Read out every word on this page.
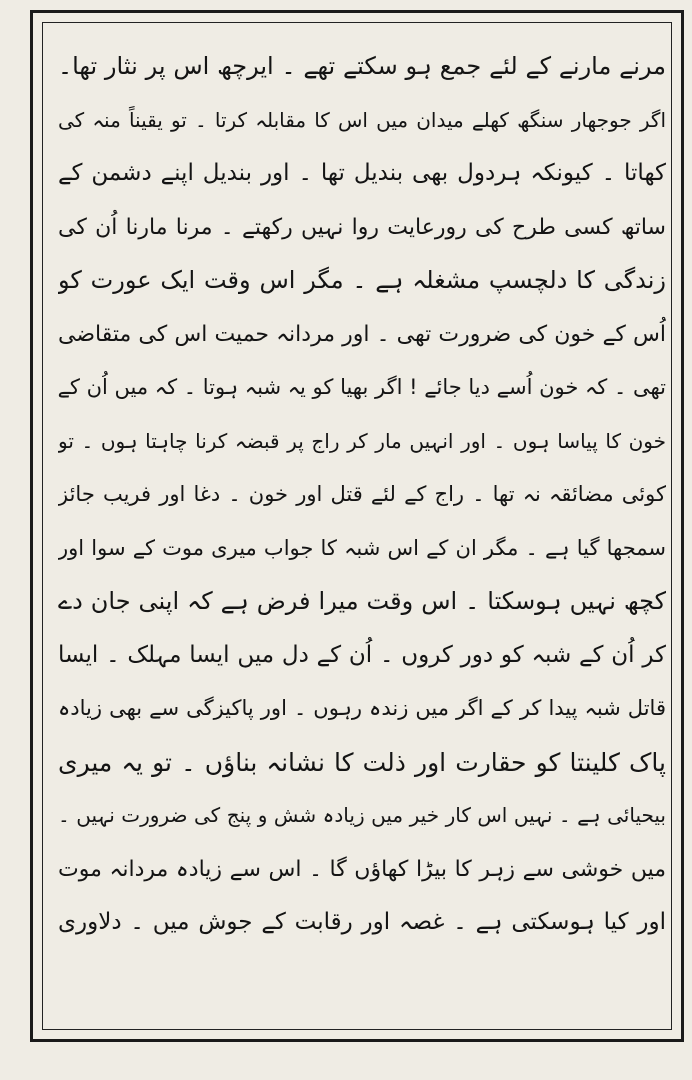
مرنے مارنے کے لئے جمع ہو سکتے تھے ۔ ایرچھ اس پر نثار تھا۔
اگر جوجھار سنگھ کھلے میدان میں اس کا مقابلہ کرتا ۔ تو یقیناً منہ کی
کھاتا ۔ کیونکہ ہردول بھی بندیل تھا ۔ اور بندیل اپنے دشمن کے
ساتھ کسی طرح کی رورعایت روا نہیں رکھتے ۔ مرنا مارنا اُن کی
زندگی کا دلچسپ مشغلہ ہے ۔ مگر اس وقت ایک عورت کو
اُس کے خون کی ضرورت تھی ۔ اور مردانہ حمیت اس کی متقاضی
تھی ۔ کہ خون اُسے دیا جائے ! اگر بھیا کو یہ شبہ ہوتا ۔ کہ میں اُن کے
خون کا پیاسا ہوں ۔ اور انہیں مار کر راج پر قبضہ کرنا چاہتا ہوں ۔ تو
کوئی مضائقہ نہ تھا ۔ راج کے لئے قتل اور خون ۔ دغا اور فریب جائز
سمجھا گیا ہے ۔ مگر ان کے اس شبہ کا جواب میری موت کے سوا اور
کچھ نہیں ہوسکتا ۔ اس وقت میرا فرض ہے کہ اپنی جان دے
کر اُن کے شبہ کو دور کروں ۔ اُن کے دل میں ایسا مہلک ۔ ایسا
قاتل شبہ پیدا کر کے اگر میں زندہ رہوں ۔ اور پاکیزگی سے بھی زیادہ
پاک کلینتا کو حقارت اور ذلت کا نشانہ بناؤں ۔ تو یہ میری
بیحیائی ہے ۔ نہیں اس کار خیر میں زیادہ شش و پنج کی ضرورت نہیں ۔
میں خوشی سے زہر کا بیڑا کھاؤں گا ۔ اس سے زیادہ مردانہ موت
اور کیا ہوسکتی ہے ۔ غصہ اور رقابت کے جوش میں ۔ دلاوری
